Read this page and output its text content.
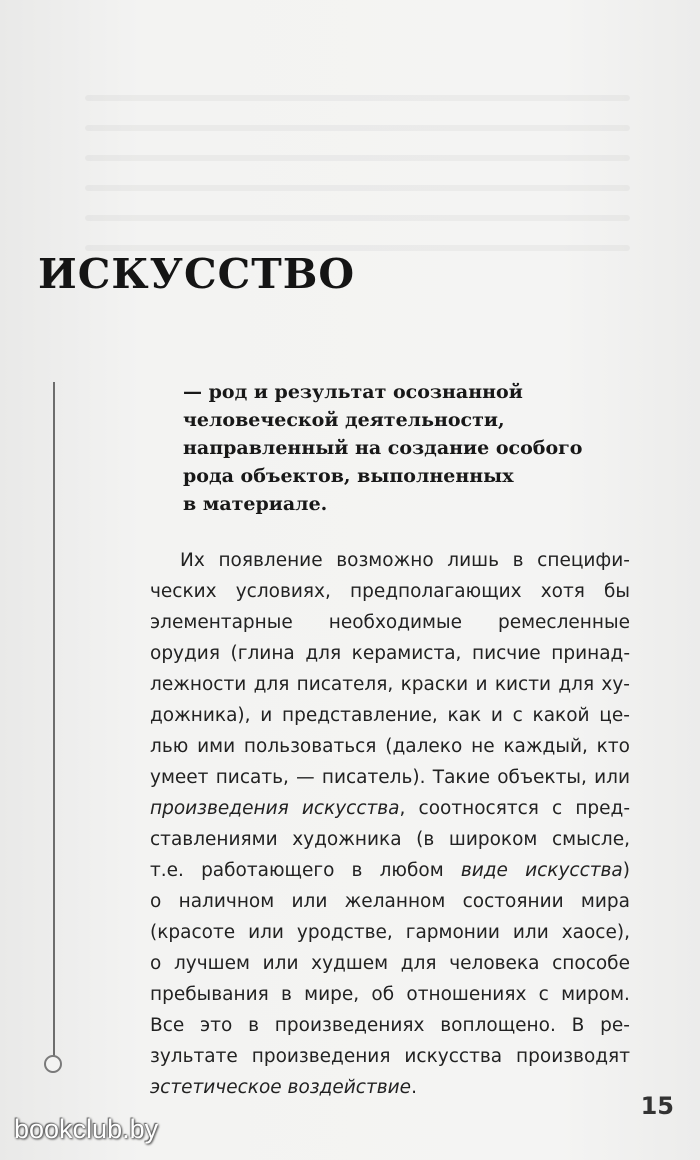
ИСКУССТВО
— род и результат осознанной
человеческой деятельности,
направленный на создание особого
рода объектов, выполненных
в материале.
Их появление возможно лишь в специфи-
ческих условиях, предполагающих хотя бы
элементарные необходимые ремесленные
орудия (глина для керамиста, писчие принад-
лежности для писателя, краски и кисти для ху-
дожника), и представление, как и с какой це-
лью ими пользоваться (далеко не каждый, кто
умеет писать, — писатель). Такие объекты, или
произведения искусства, соотносятся с пред-
ставлениями художника (в широком смысле,
т.е. работающего в любом виде искусства)
о наличном или желанном состоянии мира
(красоте или уродстве, гармонии или хаосе),
о лучшем или худшем для человека способе
пребывания в мире, об отношениях с миром.
Все это в произведениях воплощено. В ре-
зультате произведения искусства производят
эстетическое воздействие.
15
bookclub.by
